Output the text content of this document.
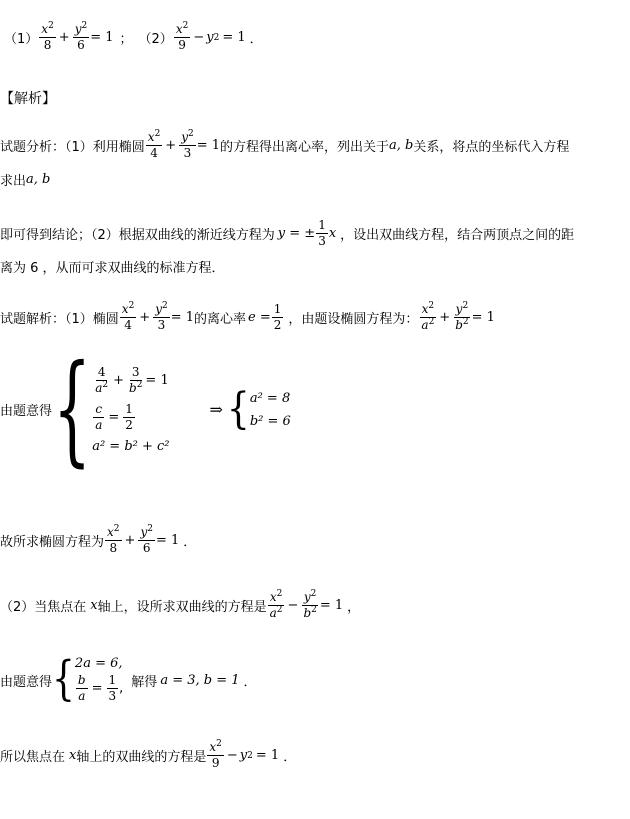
$(1) \frac{x^2}{8} + \frac{y^2}{6} = 1$ ； $(2) \frac{x^2}{9} - y$ 2 = 1 ．
【解析】
试题分析：（1）利用椭圆 $\frac{x^2}{4} + \frac{y^2}{3} = 1$ 的方程得出离心率，列出关于 a, b 关系，将点的坐标代入方程
求出 a, b
即可得到结论；（2）根据双曲线的渐近线方程为 y = ± $\frac{1}{3}$ x ，设出双曲线方程，结合两顶点之间的距
离为 6 ，从而可求双曲线的标准方程．
试题解析：（1）椭圆 $\frac{x^2}{4} + \frac{y^2}{3} = 1$ 的离心率 $e = \frac{1}{2}$ ，由题设椭圆方程为： $\frac{x^2}{a^2} + \frac{y^2}{b^2} = 1$
由题意得 { $\frac{4}{a^2} + \frac{3}{b^2} = 1$
$\frac{c}{a} = \frac{1}{2}$
a² = b² + c²
⇒ { a² = 8
b² = 6
故所求椭圆方程为 $\frac{x^2}{8} + \frac{y^2}{6} = 1$ ．
（2）当焦点在 x 轴上，设所求双曲线的方程是 $\frac{x^2}{a^2} - \frac{y^2}{b^2} = 1$ ，
由题意得 { 2a = 6,
$\frac{b}{a} = \frac{1}{3}$ , 解得 a = 3, b = 1 ．
所以焦点在 x 轴上的双曲线的方程是 $\frac{x^2}{9} - y$ 2 = 1 ．
